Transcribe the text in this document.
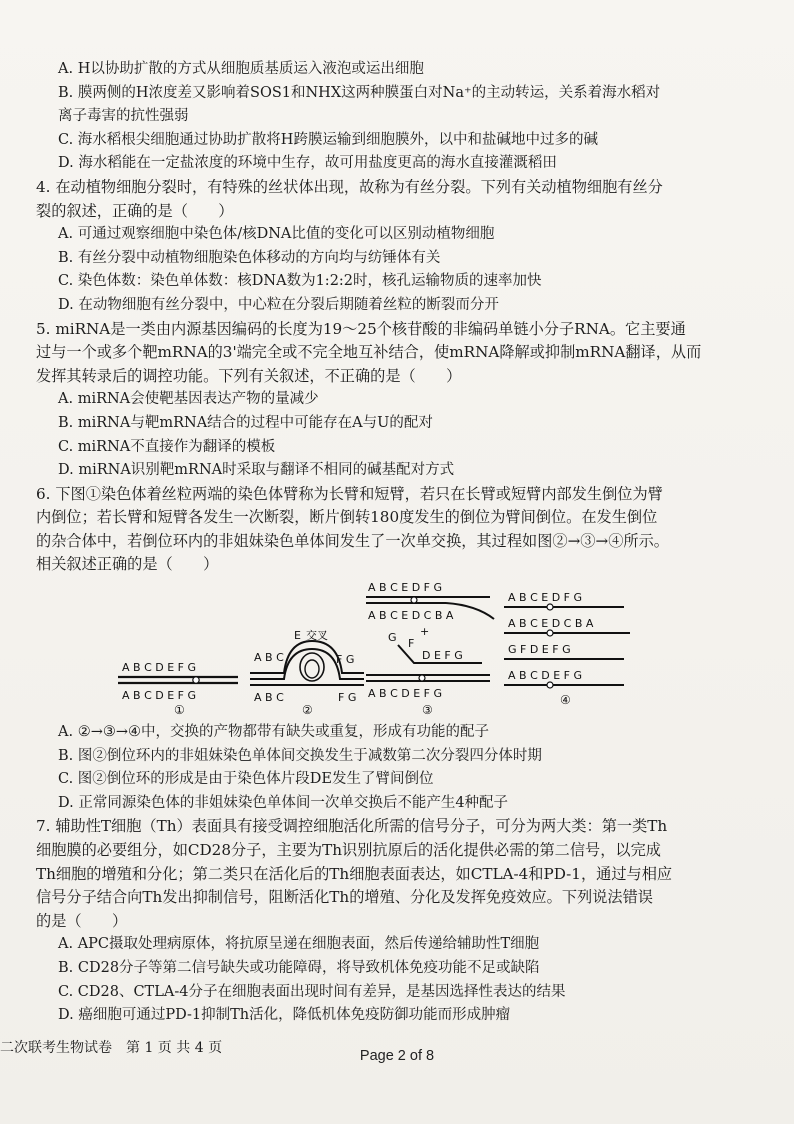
A. H以协助扩散的方式从细胞质基质运入液泡或运出细胞
B. 膜两侧的H浓度差又影响着SOS1和NHX这两种膜蛋白对Na⁺的主动转运，关系着海水稻对
离子毒害的抗性强弱
C. 海水稻根尖细胞通过协助扩散将H跨膜运输到细胞膜外，以中和盐碱地中过多的碱
D. 海水稻能在一定盐浓度的环境中生存，故可用盐度更高的海水直接灌溉稻田
4. 在动植物细胞分裂时，有特殊的丝状体出现，故称为有丝分裂。下列有关动植物细胞有丝分
裂的叙述，正确的是（　　）
A. 可通过观察细胞中染色体/核DNA比值的变化可以区别动植物细胞
B. 有丝分裂中动植物细胞染色体移动的方向均与纺锤体有关
C. 染色体数：染色单体数：核DNA数为1:2:2时，核孔运输物质的速率加快
D. 在动物细胞有丝分裂中，中心粒在分裂后期随着丝粒的断裂而分开
5. miRNA是一类由内源基因编码的长度为19～25个核苷酸的非编码单链小分子RNA。它主要通
过与一个或多个靶mRNA的3'端完全或不完全地互补结合，使mRNA降解或抑制mRNA翻译，从而
发挥其转录后的调控功能。下列有关叙述，不正确的是（　　）
A. miRNA会使靶基因表达产物的量减少
B. miRNA与靶mRNA结合的过程中可能存在A与U的配对
C. miRNA不直接作为翻译的模板
D. miRNA识别靶mRNA时采取与翻译不相同的碱基配对方式
6. 下图①染色体着丝粒两端的染色体臂称为长臂和短臂，若只在长臂或短臂内部发生倒位为臂
内倒位；若长臂和短臂各发生一次断裂，断片倒转180度发生的倒位为臂间倒位。在发生倒位
的杂合体中，若倒位环内的非姐妹染色单体间发生了一次单交换，其过程如图②→③→④所示。
相关叙述正确的是（　　）
A B C D E F G
A B C D E F G
①
A B C
E 交叉
F G
A B C	F G
②
A B C E D F G
A B C E D C B A
G F
+
D E F G
A B C D E F G
③
A B C E D F G
A B C E D C B A
G F D E F G
A B C D E F G
④
A. ②→③→④中，交换的产物都带有缺失或重复，形成有功能的配子
B. 图②倒位环内的非姐妹染色单体间交换发生于减数第二次分裂四分体时期
C. 图②倒位环的形成是由于染色体片段DE发生了臂间倒位
D. 正常同源染色体的非姐妹染色单体间一次单交换后不能产生4种配子
7. 辅助性T细胞（Th）表面具有接受调控细胞活化所需的信号分子，可分为两大类：第一类Th
细胞膜的必要组分，如CD28分子，主要为Th识别抗原后的活化提供必需的第二信号，以完成
Th细胞的增殖和分化；第二类只在活化后的Th细胞表面表达，如CTLA-4和PD-1，通过与相应
信号分子结合向Th发出抑制信号，阻断活化Th的增殖、分化及发挥免疫效应。下列说法错误
的是（　　）
A. APC摄取处理病原体，将抗原呈递在细胞表面，然后传递给辅助性T细胞
B. CD28分子等第二信号缺失或功能障碍，将导致机体免疫功能不足或缺陷
C. CD28、CTLA-4分子在细胞表面出现时间有差异，是基因选择性表达的结果
D. 癌细胞可通过PD-1抑制Th活化，降低机体免疫防御功能而形成肿瘤
二次联考生物试卷　第 1 页 共 4 页	Page 2 of 8
